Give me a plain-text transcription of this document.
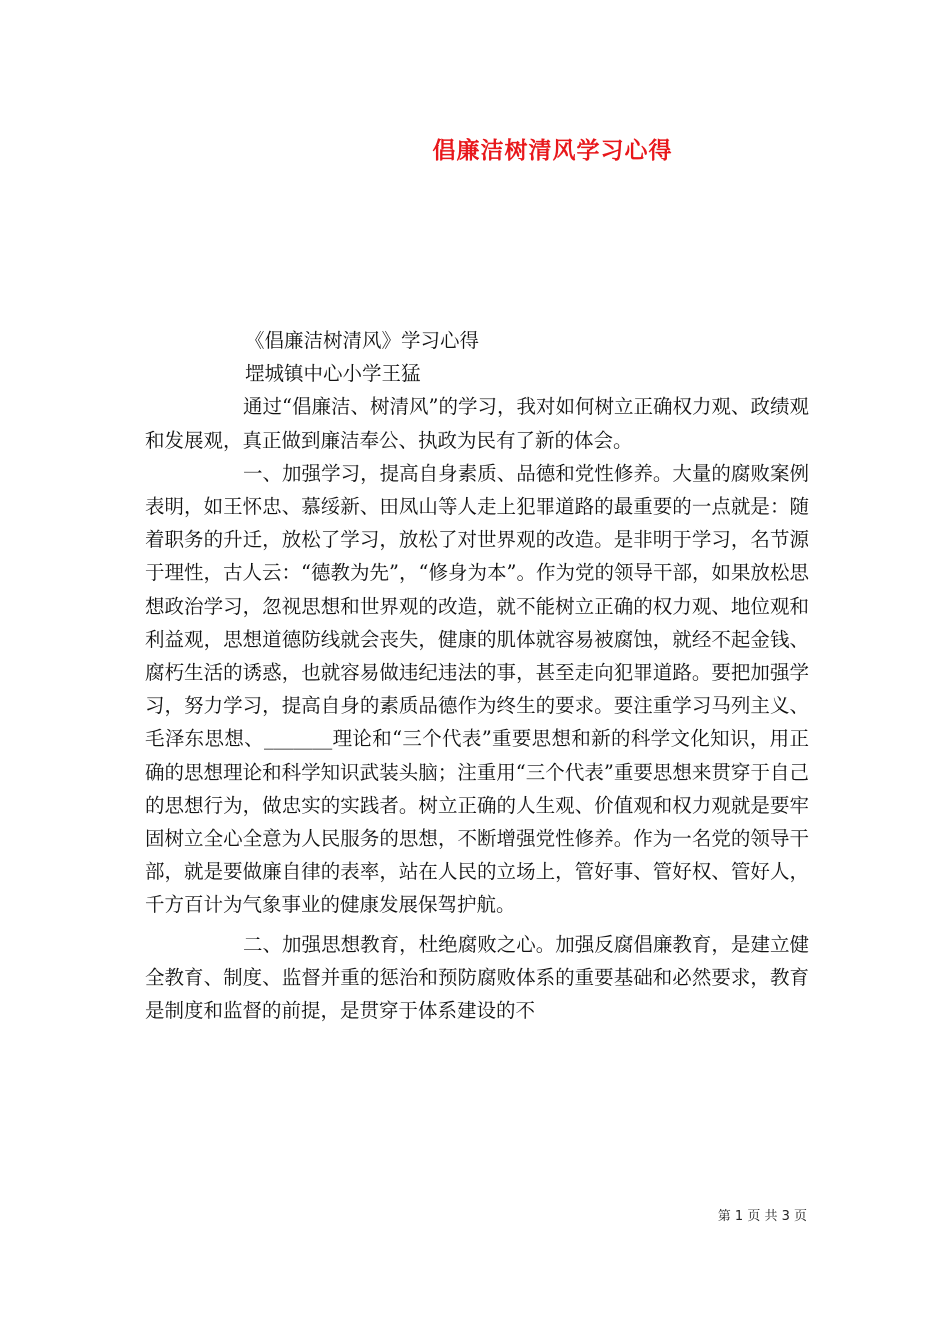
倡廉洁树清风学习心得

《倡廉洁树清风》学习心得

堽城镇中心小学王猛

通过“倡廉洁、树清风”的学习，我对如何树立正确权力观、政绩观和发展观，真正做到廉洁奉公、执政为民有了新的体会。

一、加强学习，提高自身素质、品德和党性修养。大量的腐败案例表明，如王怀忠、慕绥新、田凤山等人走上犯罪道路的最重要的一点就是：随着职务的升迁，放松了学习，放松了对世界观的改造。是非明于学习，名节源于理性，古人云：“德教为先”，“修身为本”。作为党的领导干部，如果放松思想政治学习，忽视思想和世界观的改造，就不能树立正确的权力观、地位观和利益观，思想道德防线就会丧失，健康的肌体就容易被腐蚀，就经不起金钱、腐朽生活的诱惑，也就容易做违纪违法的事，甚至走向犯罪道路。要把加强学习，努力学习，提高自身的素质品德作为终生的要求。要注重学习马列主义、毛泽东思想、_______理论和“三个代表”重要思想和新的科学文化知识，用正确的思想理论和科学知识武装头脑；注重用“三个代表”重要思想来贯穿于自己的思想行为，做忠实的实践者。树立正确的人生观、价值观和权力观就是要牢固树立全心全意为人民服务的思想，不断增强党性修养。作为一名党的领导干部，就是要做廉自律的表率，站在人民的立场上，管好事、管好权、管好人，千方百计为气象事业的健康发展保驾护航。

二、加强思想教育，杜绝腐败之心。加强反腐倡廉教育，是建立健全教育、制度、监督并重的惩治和预防腐败体系的重要基础和必然要求，教育是制度和监督的前提，是贯穿于体系建设的不

第 1 页 共 3 页
